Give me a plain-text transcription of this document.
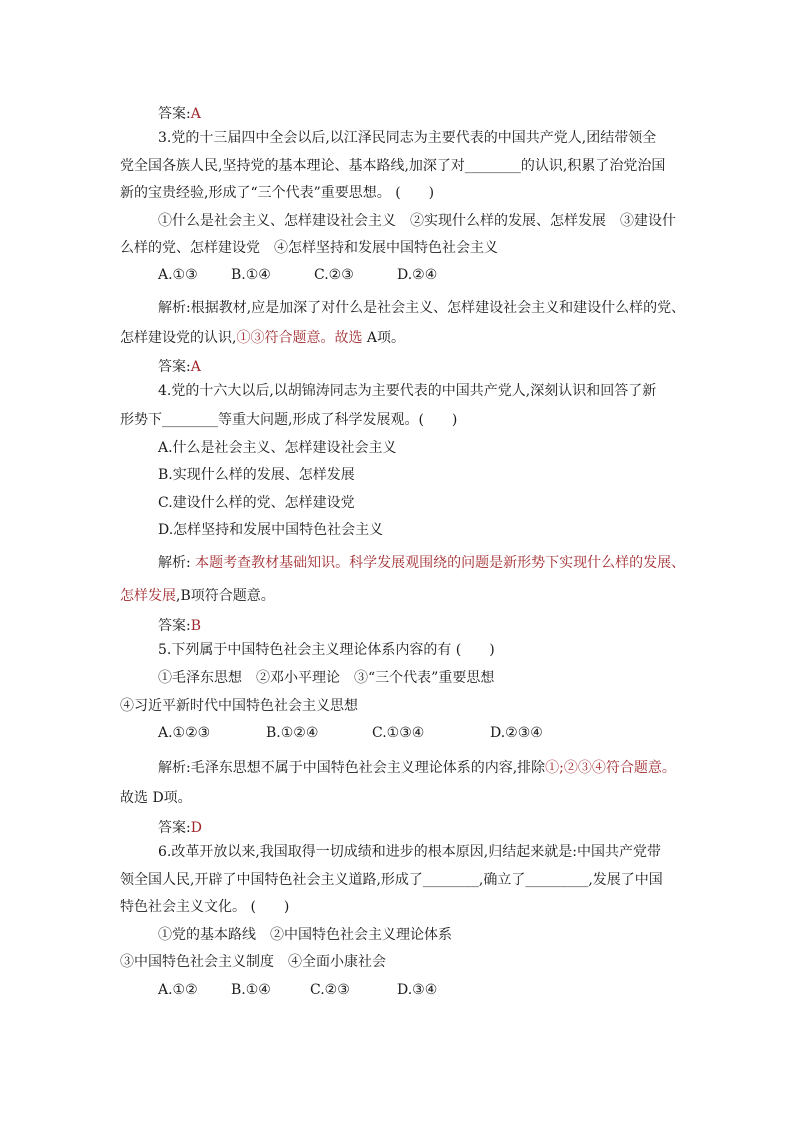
答案:A
3.党的十三届四中全会以后,以江泽民同志为主要代表的中国共产党人,团结带领全
党全国各族人民,坚持党的基本理论、基本路线,加深了对________的认识,积累了治党治国
新的宝贵经验,形成了“三个代表”重要思想。 (　　)
①什么是社会主义、怎样建设社会主义　②实现什么样的发展、怎样发展　③建设什
么样的党、怎样建设党　④怎样坚持和发展中国特色社会主义
A.①③ B.①④	C.②③	D.②④
解析:根据教材,应是加深了对什么是社会主义、怎样建设社会主义和建设什么样的党、
怎样建设党的认识,①③符合题意。故选 A项。
答案:A
4.党的十六大以后,以胡锦涛同志为主要代表的中国共产党人,深刻认识和回答了新
形势下________等重大问题,形成了科学发展观。(　　)
A.什么是社会主义、怎样建设社会主义
B.实现什么样的发展、怎样发展
C.建设什么样的党、怎样建设党
D.怎样坚持和发展中国特色社会主义
解析: 本题考查教材基础知识。科学发展观围绕的问题是新形势下实现什么样的发展、
怎样发展,B项符合题意。
答案:B
5.下列属于中国特色社会主义理论体系内容的有 (　　)
①毛泽东思想　②邓小平理论　③“三个代表”重要思想
④习近平新时代中国特色社会主义思想
A.①②③	B.①②④	C.①③④	D.②③④
解析:毛泽东思想不属于中国特色社会主义理论体系的内容,排除①;②③④符合题意。
故选 D项。
答案:D
6.改革开放以来,我国取得一切成绩和进步的根本原因,归结起来就是:中国共产党带
领全国人民,开辟了中国特色社会主义道路,形成了________,确立了_________,发展了中国
特色社会主义文化。 (　　)
①党的基本路线　②中国特色社会主义理论体系
③中国特色社会主义制度　④全面小康社会
A.①② B.①④	C.②③	D.③④
